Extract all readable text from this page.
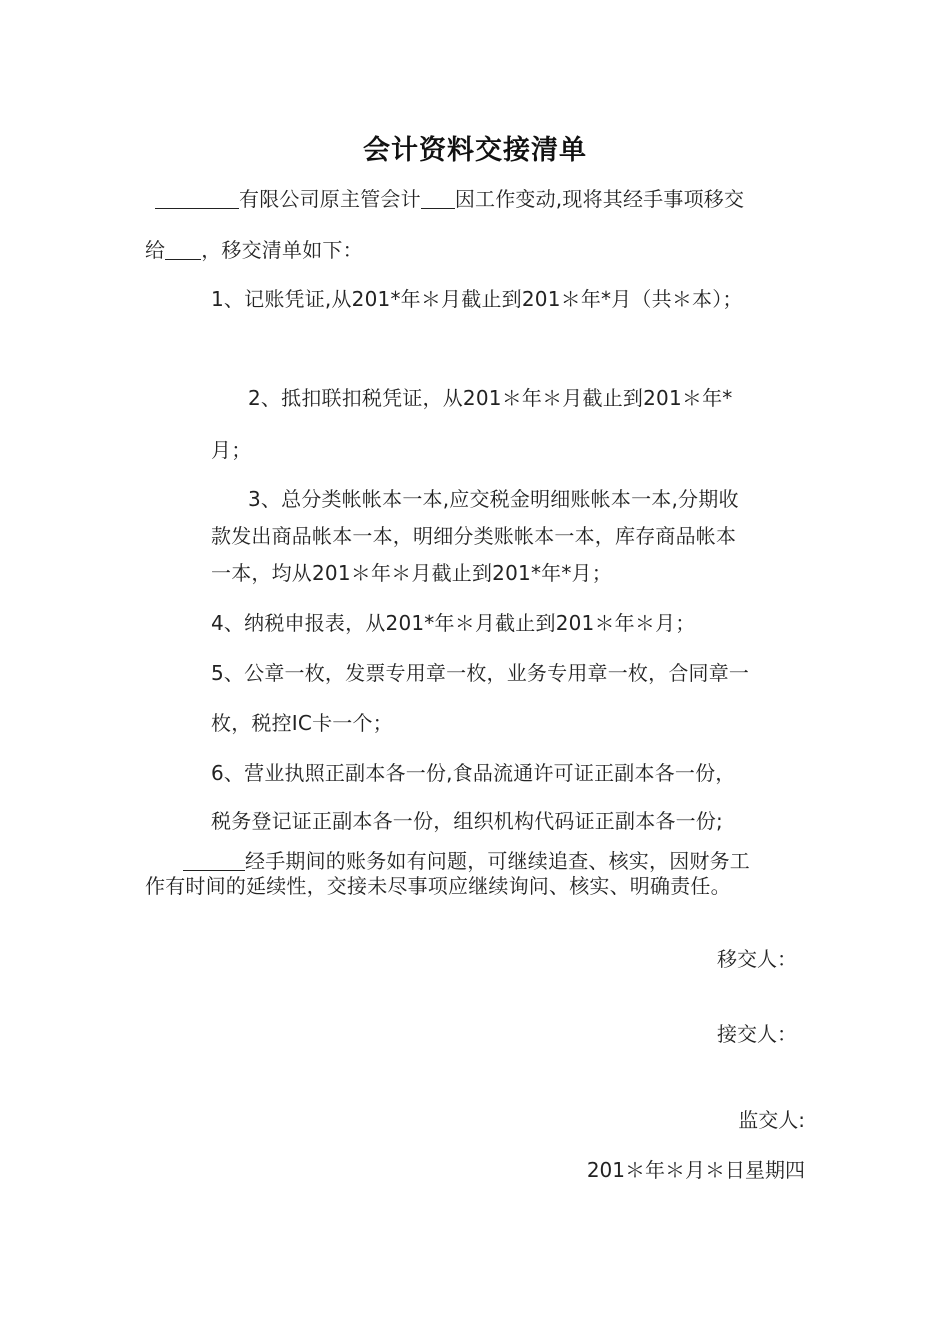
会计资料交接清单
有限公司原主管会计 因工作变动,现将其经手事项移交
给 ，移交清单如下：
1、记账凭证,从201*年＊月截止到201＊年*月（共＊本）；
2、抵扣联扣税凭证，从201＊年＊月截止到201＊年*
月；
3、总分类帐帐本一本,应交税金明细账帐本一本,分期收
款发出商品帐本一本，明细分类账帐本一本，库存商品帐本
一本，均从201＊年＊月截止到201*年*月；
4、纳税申报表，从201*年＊月截止到201＊年＊月；
5、公章一枚，发票专用章一枚，业务专用章一枚，合同章一
枚，税控IC卡一个；
6、营业执照正副本各一份,食品流通许可证正副本各一份，
税务登记证正副本各一份，组织机构代码证正副本各一份;
经手期间的账务如有问题，可继续追查、核实，因财务工
作有时间的延续性，交接未尽事项应继续询问、核实、明确责任。
移交人：
接交人：
监交人:
201＊年＊月＊日星期四
